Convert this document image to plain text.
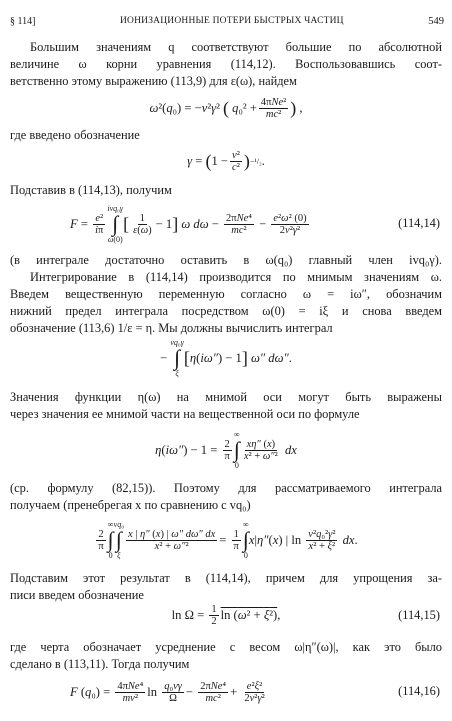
§ 114]	ИОНИЗАЦИОННЫЕ ПОТЕРИ БЫСТРЫХ ЧАСТИЦ	549
Большим значениям q соответствуют большие по абсолютной
величине ω корни уравнения (114,12). Воспользовавшись соот-
ветственно этому выражению (113,9) для ε(ω), найдем
ω ²( q ₀) = − v ² γ ² (
q $_0^2 + \frac{\text{4πNe²}}{\text{mc²}}$ ) ,
где введено обозначение
γ = ( $1 - \frac{\text{v²}}{\text{c²}}$ ) −¹/₂ .
Подставив в (114,13), получим
$F = \frac{\text{e²}}{i\pi}$
ivq₀γ
∫
ω(0)
[ $\frac{1}{\varepsilon(\omega)} - 1$ ]
ω
$d\omega - \frac{\text{2πNe⁴}}{\text{mc²}} - \frac{\text{e²ω² (0)}}{\text{2v²γ²}}$	(114,14)
(в интеграле достаточно оставить в ω(q₀) главный член ivq₀γ).
Интегрирование в (114,14) производится по мнимым значениям ω.
Введем вещественную переменную согласно ω = iω″, обозначим
нижний предел интеграла посредством ω(0) = iξ и снова введем
обозначение (113,6) 1/ε = η. Мы должны вычислить интеграл
−
vq₀γ
∫
ξ
[ η ( iω″ ) − 1 ]
ω″ dω″ .
Значения функции η(ω) на мнимой оси могут быть выражены
через значения ее мнимой части на вещественной оси по формуле
η ( iω″ ) − $1 = \frac{2}{\pi}$
∞
∫
0
$\frac{x\eta'' (x)}{\text{x² + ω″²}}$
dx
(ср. формулу (82,15)). Поэтому для рассматриваемого интеграла
получаем (пренебрегая x по сравнению с vq₀)
$\frac{2}{\pi}$
∞
∫
0
vq₀
∫
ξ
$\frac{x | \eta'' (x) | \omega'' d\omega'' dx}{\text{x² + ω″²}} = \frac{1}{\pi}$
∞
∫
0
x | η″ ( x ) | $\ln \frac{\text{v²q₀²γ²}}{\text{x² + ξ²}}$
dx .
Подставим этот результат в (114,14), причем для упрощения за-
писи введем обозначение
$\ln \Omega = \frac{1}{2}$ ln (ω² + ξ²) ,	(114,15)
где черта обозначает усреднение с весом ω|η″(ω)|, как это было
сделано в (113,11). Тогда получим
F ( q $_0) = \frac{\text{4πNe⁴}}{\text{mv²}}$ $\ln \frac{\text{q₀vγ}}{\Omega} - \frac{\text{2πNe⁴}}{\text{mc²}} + \frac{\text{e²ξ²}}{\text{2v²γ²}}$	(114,16)
